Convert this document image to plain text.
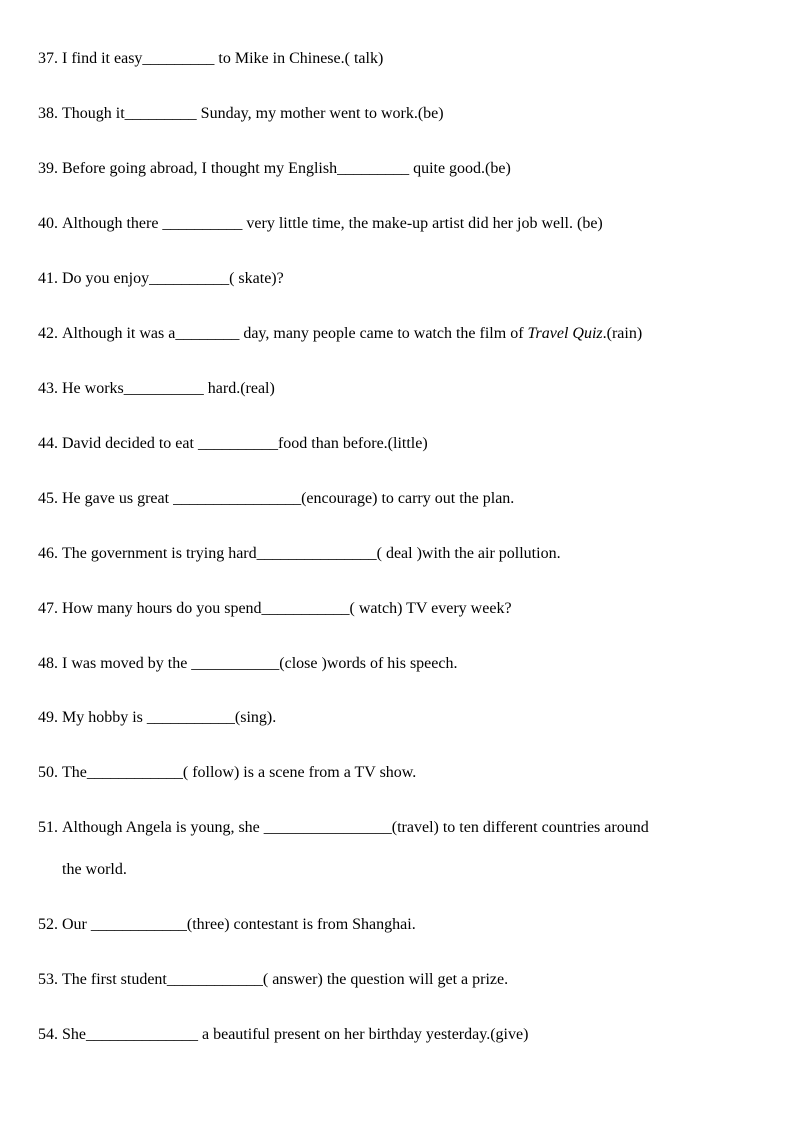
37. I find it easy_________ to Mike in Chinese.( talk)
38. Though it_________ Sunday, my mother went to work.(be)
39. Before going abroad, I thought my English_________ quite good.(be)
40. Although there __________ very little time, the make-up artist did her job well. (be)
41. Do you enjoy__________( skate)?
42. Although it was a________ day, many people came to watch the film of Travel Quiz.(rain)
43. He works__________ hard.(real)
44. David decided to eat __________food than before.(little)
45. He gave us great ________________(encourage) to carry out the plan.
46. The government is trying hard_______________( deal )with the air pollution.
47. How many hours do you spend___________( watch) TV every week?
48. I was moved by the ___________(close )words of his speech.
49. My hobby is ___________(sing).
50. The____________( follow) is a scene from a TV show.
51. Although Angela is young, she ________________(travel) to ten different countries around
the world.
52. Our ____________(three) contestant is from Shanghai.
53. The first student____________( answer) the question will get a prize.
54. She______________ a beautiful present on her birthday yesterday.(give)
